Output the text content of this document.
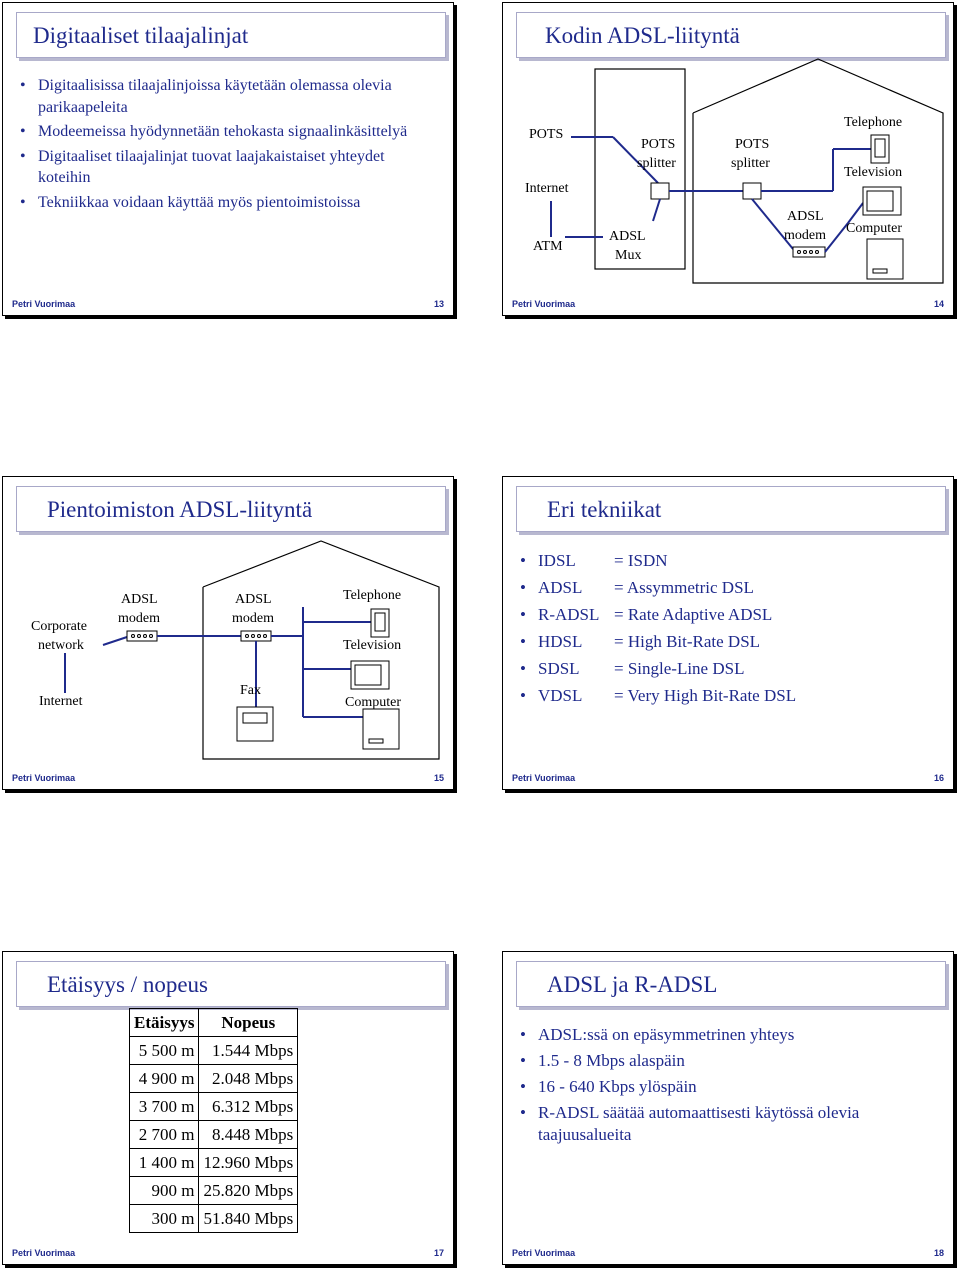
Digitaaliset tilaajalinjat
• Digitaalisissa tilaajalinjoissa käytetään olemassa olevia parikaapeleita
• Modeemeissa hyödynnetään tehokasta signaalinkäsittelyä
• Digitaaliset tilaajalinjat tuovat laajakaistaiset yhteydet koteihin
• Tekniikkaa voidaan käyttää myös pientoimistoissa
Petri Vuorimaa	13
Kodin ADSL-liityntä
POTS
Internet
ATM
POTS
splitter
ADSL
Mux
POTS
splitter
ADSL
modem
Telephone
Television
Computer
Petri Vuorimaa	14
Pientoimiston ADSL-liityntä
Corporate
network
Internet
ADSL
modem
ADSL
modem
Fax
Telephone
Television
Computer
Petri Vuorimaa	15
Eri tekniikat
• IDSL = ISDN
• ADSL = Assymmetric DSL
• R-ADSL = Rate Adaptive ADSL
• HDSL = High Bit-Rate DSL
• SDSL = Single-Line DSL
• VDSL = Very High Bit-Rate DSL
Petri Vuorimaa	16
Etäisyys / nopeus
Etäisyys	Nopeus
5 500 m	1.544 Mbps
4 900 m	2.048 Mbps
3 700 m	6.312 Mbps
2 700 m	8.448 Mbps
1 400 m	12.960 Mbps
900 m	25.820 Mbps
300 m	51.840 Mbps
Petri Vuorimaa	17
ADSL ja R-ADSL
• ADSL:ssä on epäsymmetrinen yhteys
• 1.5 - 8 Mbps alaspäin
• 16 - 640 Kbps ylöspäin
• R-ADSL säätää automaattisesti käytössä olevia taajuusalueita
Petri Vuorimaa	18
